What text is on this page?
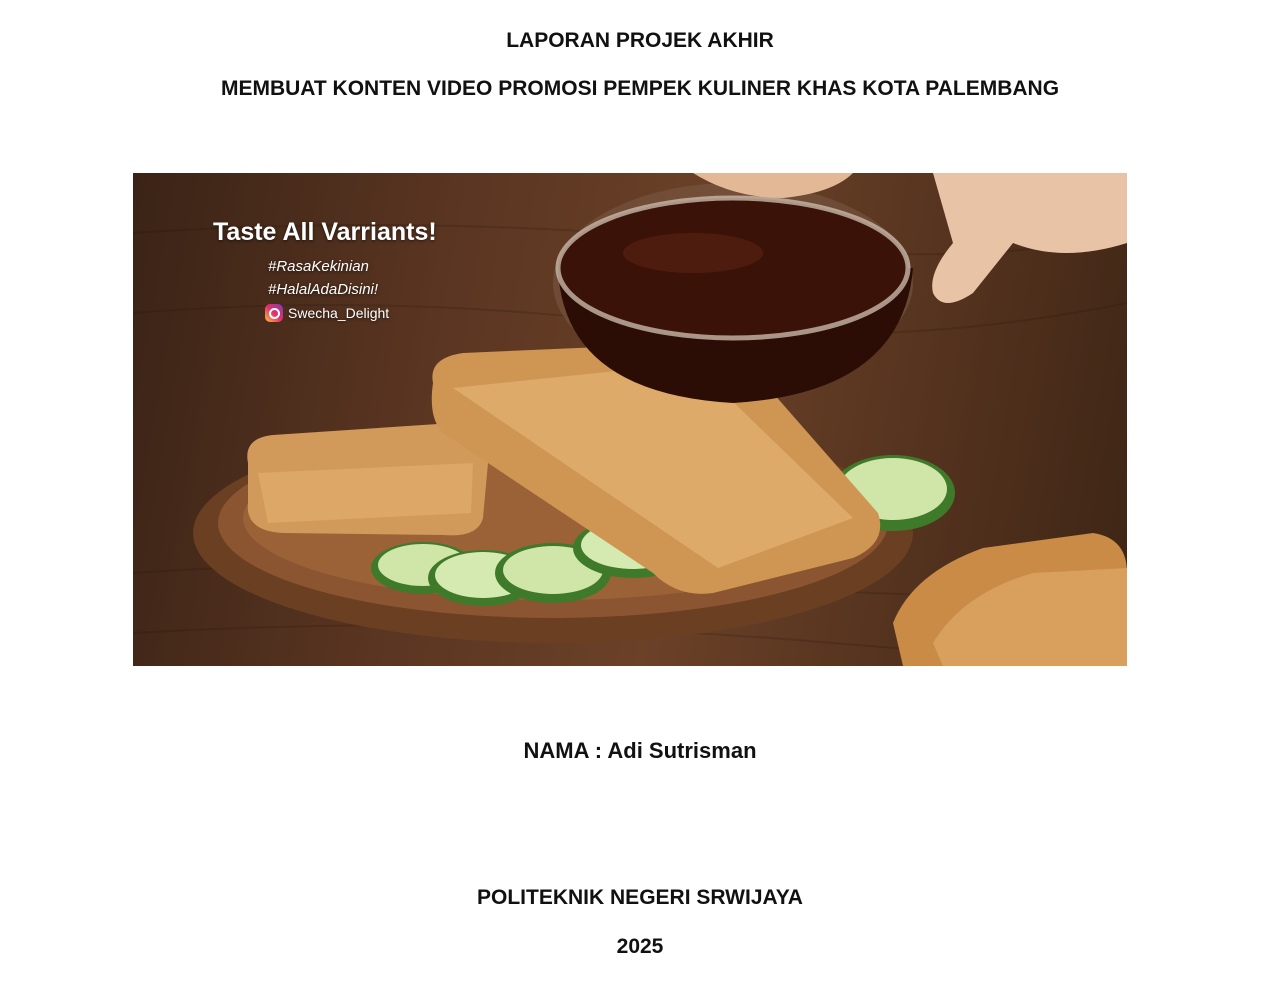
LAPORAN PROJEK AKHIR
MEMBUAT KONTEN VIDEO PROMOSI PEMPEK KULINER KHAS KOTA PALEMBANG
Taste All Varriants!
#RasaKekinian
#HalalAdaDisini!
Swecha_Delight
NAMA : Adi Sutrisman
POLITEKNIK NEGERI SRWIJAYA
2025
